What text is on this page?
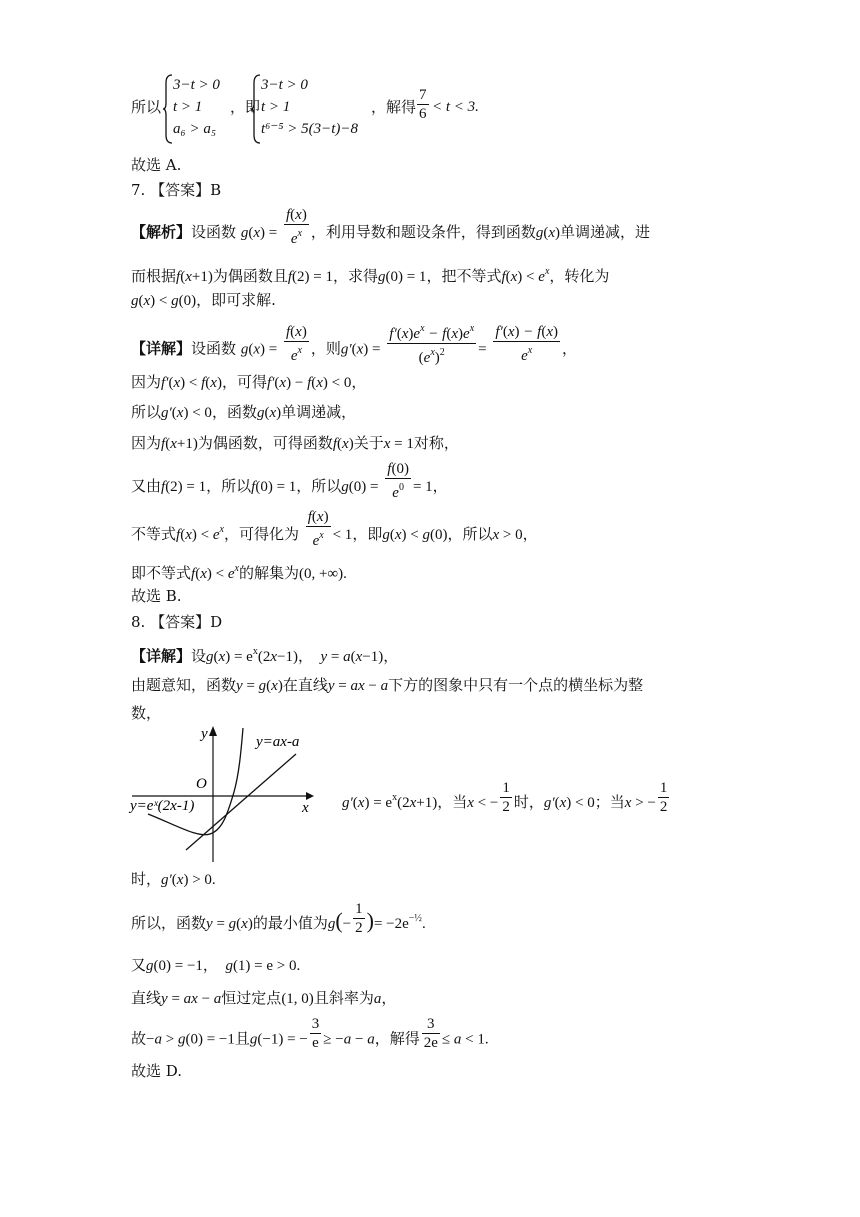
所以
3−t > 0
t > 1
a₆ > a₅
，即
3−t > 0
t > 1
t⁶⁻⁵ > 5(3−t)−8
，解得 $\frac{7}{6} < t < 3$.
故选 A.
7. 【答案】B
【解析】设函数 $g(x) = \frac{f(x)}{e^x}$ ，利用导数和题设条件，得到函数g(x)单调递减，进
而根据f(x+1)为偶函数且f(2) = 1，求得g(0) = 1，把不等式$f(x) < e^x$，转化为
g(x) < g(0)，即可求解.
【详解】设函数 $g(x) = \frac{f(x)}{e^x}$ ，则$g'(x) = \frac{f'(x)e^x - f(x)e^x}{(e^x)^2} = \frac{f'(x) - f(x)}{e^x}$ ，
因为f′(x) < f(x)，可得f′(x) − f(x) < 0，
所以g′(x) < 0，函数g(x)单调递减，
因为f(x+1)为偶函数，可得函数f(x)关于x = 1对称，
又由f(2) = 1，所以f(0) = 1，所以$g(0) = \frac{f(0)}{e^0} = 1$，
不等式$f(x) < e^x$，可得化为 $\frac{f(x)}{e^x} < 1$，即g(x) < g(0)，所以x > 0，
即不等式$f(x) < e^x$的解集为(0, +∞).
故选 B.
8. 【答案】D
【详解】设$g(x) = e^x(2x-1)$，　y = a(x−1)，
由题意知，函数y = g(x)在直线y = ax − a下方的图象中只有一个点的横坐标为整
数，
y
x
O
y=ax-a
y=eˣ(2x-1)	$g'(x) = e^x(2x+1)$，当x < − $\frac{1}{2}$ 时，g′(x) < 0；当x > − $\frac{1}{2}$
时，g′(x) > 0.
所以，函数y = g(x)的最小值为$g(- \frac{1}{2}$ )= $-2e^{-\frac{1}{2}}$.
又g(0) = −1，　g(1) = e > 0.
直线y = ax − a恒过定点(1, 0)且斜率为a，
故−a > g(0) = −1且g(−1) = − $\frac{3}{e} \ge -a - a$，解得 $\frac{3}{2e} \le a < 1$.
故选 D.
